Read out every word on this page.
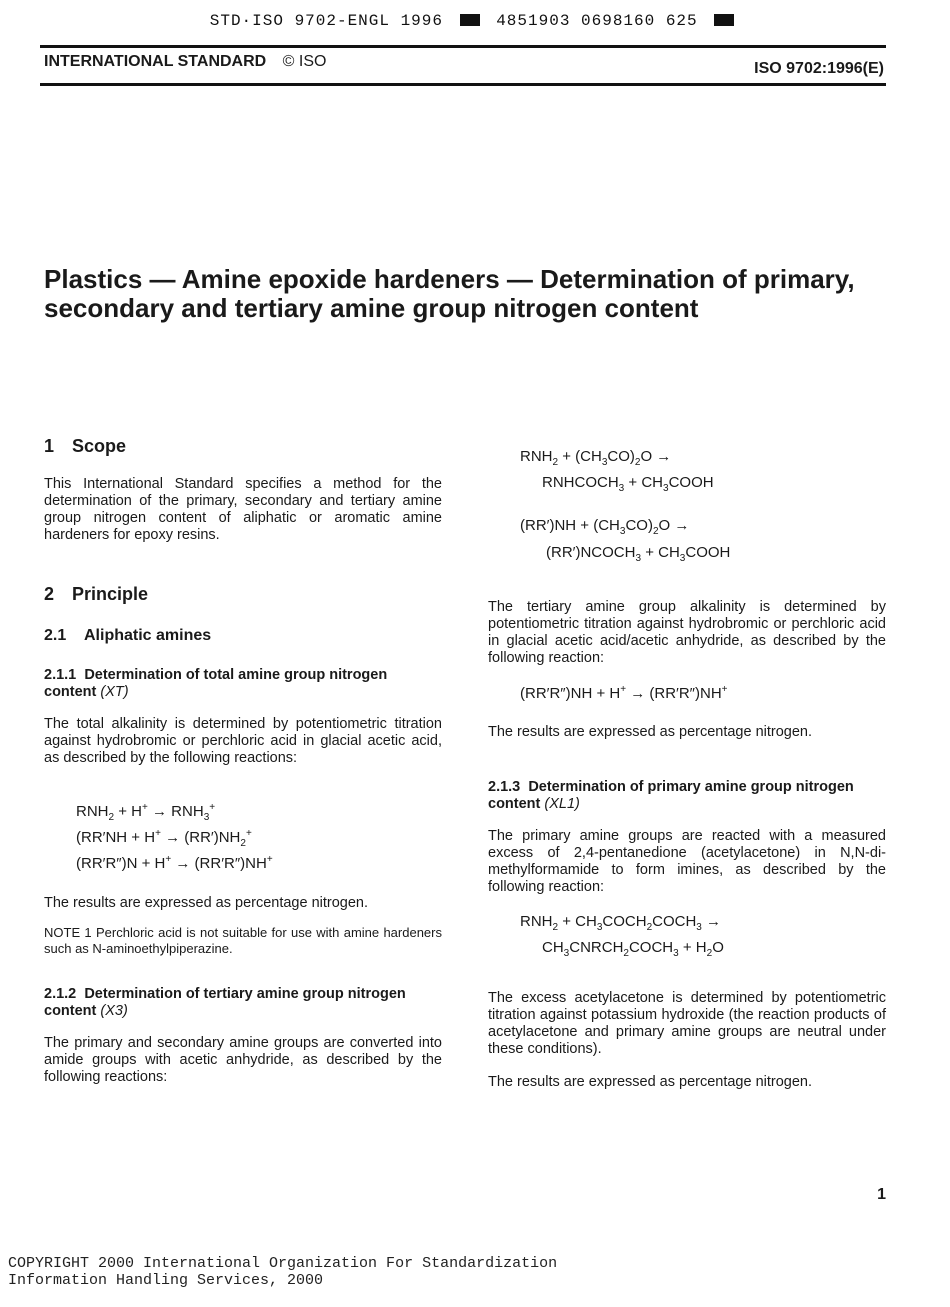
STD·ISO 9702-ENGL 1996	4851903 0698160 625
INTERNATIONAL STANDARD © ISO	ISO 9702:1996(E)
Plastics — Amine epoxide hardeners — Determination of primary, secondary and tertiary amine group nitrogen content
1 Scope

This International Standard specifies a method for the determination of the primary, secondary and tertiary amine group nitrogen content of aliphatic or aromatic amine hardeners for epoxy resins.

2 Principle
2.1 Aliphatic amines
2.1.1 Determination of total amine group nitrogen content (XT)

The total alkalinity is determined by potentiometric titration against hydrobromic or perchloric acid in glacial acetic acid, as described by the following reactions:

$RNH_2 + H^+ \to RNH_3^+$
($RR'NH + H^+ \to (RR')NH_2^+$
(RR′R″)N + H+ → (RR′R″)NH+

The results are expressed as percentage nitrogen.

NOTE 1 Perchloric acid is not suitable for use with amine hardeners such as N-aminoethylpiperazine.

2.1.2 Determination of tertiary amine group nitrogen content (X3)

The primary and secondary amine groups are converted into amide groups with acetic anhydride, as described by the following reactions:

$RNH_2 + (CH_3CO)_2O$ →
$RNHCOCH_3$ + $CH_3COOH$
$(RR')NH + (CH_3CO)_2O$ →
$(RR')NCOCH_3$ + $CH_3COOH$

The tertiary amine group alkalinity is determined by potentiometric titration against hydrobromic or perchloric acid in glacial acetic acid/acetic anhydride, as described by the following reaction:

(RR′R″)NH + H+ → (RR′R″)NH+

The results are expressed as percentage nitrogen.

2.1.3 Determination of primary amine group nitrogen content (XL1)

The primary amine groups are reacted with a measured excess of 2,4-pentanedione (acetylacetone) in N,N-di-methylformamide to form imines, as described by the following reaction:

$RNH_2$ + $CH_3COCH_2COCH_3$ →
$CH_3CNRCH_2COCH_3 + H_2O$

The excess acetylacetone is determined by potentiometric titration against potassium hydroxide (the reaction products of acetylacetone and primary amine groups are neutral under these conditions).

The results are expressed as percentage nitrogen.

1
COPYRIGHT 2000 International Organization For Standardization
Information Handling Services, 2000
